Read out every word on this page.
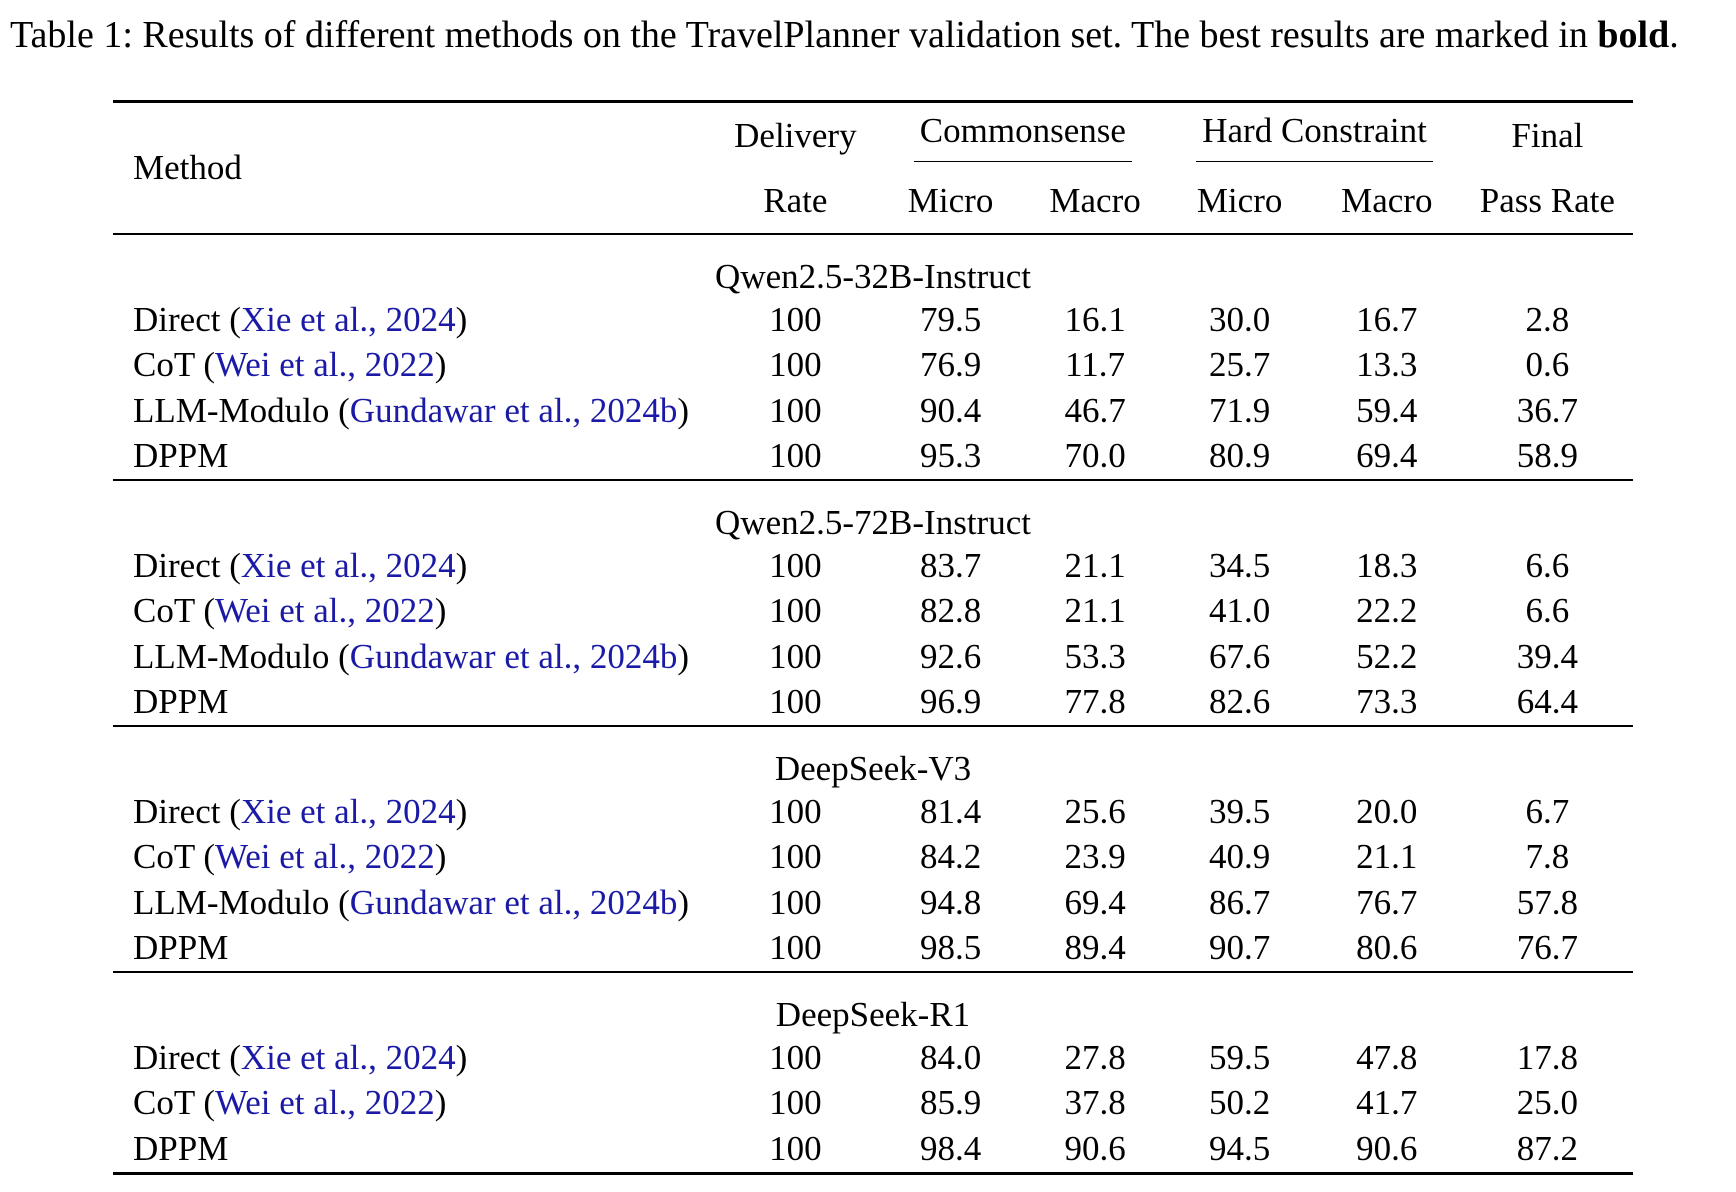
Table 1: Results of different methods on the TravelPlanner validation set. The best results are marked in bold.
Method	Delivery	Commonsense		Hard Constraint		Final
	Rate	Micro	Macro	Micro	Macro	Pass Rate
Qwen2.5-32B-Instruct						
Direct (Xie et al., 2024)	100	79.5	16.1	30.0	16.7	2.8
CoT (Wei et al., 2022)	100	76.9	11.7	25.7	13.3	0.6
LLM-Modulo (Gundawar et al., 2024b)	100	90.4	46.7	71.9	59.4	36.7
DPPM	100	95.3	70.0	80.9	69.4	58.9
Qwen2.5-72B-Instruct						
Direct (Xie et al., 2024)	100	83.7	21.1	34.5	18.3	6.6
CoT (Wei et al., 2022)	100	82.8	21.1	41.0	22.2	6.6
LLM-Modulo (Gundawar et al., 2024b)	100	92.6	53.3	67.6	52.2	39.4
DPPM	100	96.9	77.8	82.6	73.3	64.4
DeepSeek-V3						
Direct (Xie et al., 2024)	100	81.4	25.6	39.5	20.0	6.7
CoT (Wei et al., 2022)	100	84.2	23.9	40.9	21.1	7.8
LLM-Modulo (Gundawar et al., 2024b)	100	94.8	69.4	86.7	76.7	57.8
DPPM	100	98.5	89.4	90.7	80.6	76.7
DeepSeek-R1						
Direct (Xie et al., 2024)	100	84.0	27.8	59.5	47.8	17.8
CoT (Wei et al., 2022)	100	85.9	37.8	50.2	41.7	25.0
DPPM	100	98.4	90.6	94.5	90.6	87.2
